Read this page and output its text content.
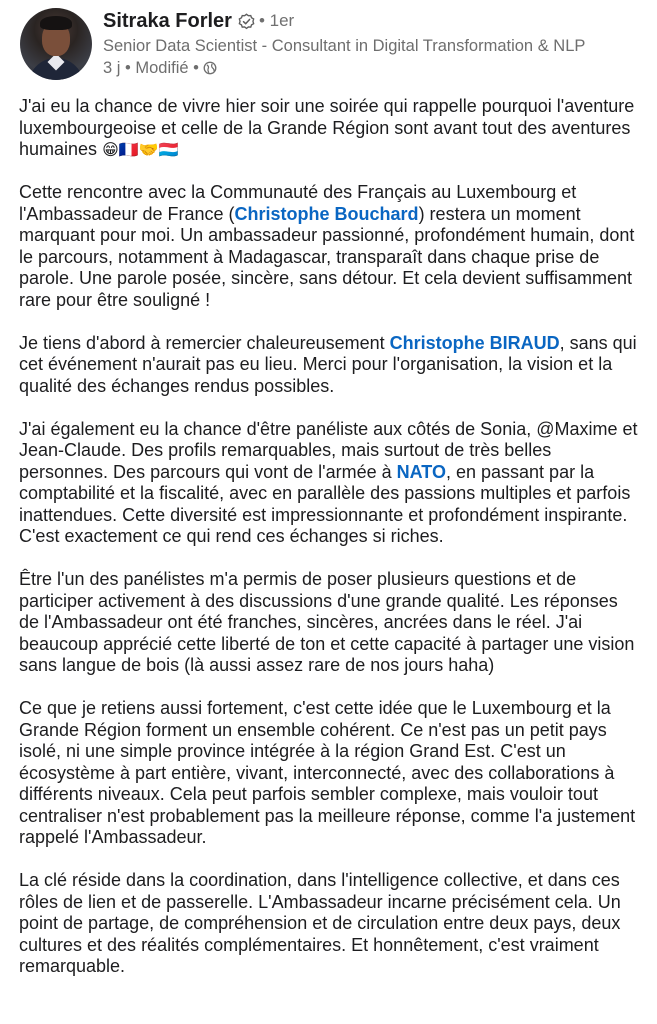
Sitraka Forler • 1er
Senior Data Scientist - Consultant in Digital Transformation & NLP
3 j • Modifié •

J'ai eu la chance de vivre hier soir une soirée qui rappelle pourquoi l'aventure luxembourgeoise et celle de la Grande Région sont avant tout des aventures humaines 😁🇫🇷🤝🇱🇺

Cette rencontre avec la Communauté des Français au Luxembourg et l'Ambassadeur de France (Christophe Bouchard) restera un moment marquant pour moi. Un ambassadeur passionné, profondément humain, dont le parcours, notamment à Madagascar, transparaît dans chaque prise de parole. Une parole posée, sincère, sans détour. Et cela devient suffisamment rare pour être souligné !

Je tiens d'abord à remercier chaleureusement Christophe BIRAUD, sans qui cet événement n'aurait pas eu lieu. Merci pour l'organisation, la vision et la qualité des échanges rendus possibles.

J'ai également eu la chance d'être panéliste aux côtés de Sonia, @Maxime et Jean-Claude. Des profils remarquables, mais surtout de très belles personnes. Des parcours qui vont de l'armée à NATO, en passant par la comptabilité et la fiscalité, avec en parallèle des passions multiples et parfois inattendues. Cette diversité est impressionnante et profondément inspirante. C'est exactement ce qui rend ces échanges si riches.

Être l'un des panélistes m'a permis de poser plusieurs questions et de participer activement à des discussions d'une grande qualité. Les réponses de l'Ambassadeur ont été franches, sincères, ancrées dans le réel. J'ai beaucoup apprécié cette liberté de ton et cette capacité à partager une vision sans langue de bois (là aussi assez rare de nos jours haha)

Ce que je retiens aussi fortement, c'est cette idée que le Luxembourg et la Grande Région forment un ensemble cohérent. Ce n'est pas un petit pays isolé, ni une simple province intégrée à la région Grand Est. C'est un écosystème à part entière, vivant, interconnecté, avec des collaborations à différents niveaux. Cela peut parfois sembler complexe, mais vouloir tout centraliser n'est probablement pas la meilleure réponse, comme l'a justement rappelé l'Ambassadeur.

La clé réside dans la coordination, dans l'intelligence collective, et dans ces rôles de lien et de passerelle. L'Ambassadeur incarne précisément cela. Un point de partage, de compréhension et de circulation entre deux pays, deux cultures et des réalités complémentaires. Et honnêtement, c'est vraiment remarquable.
